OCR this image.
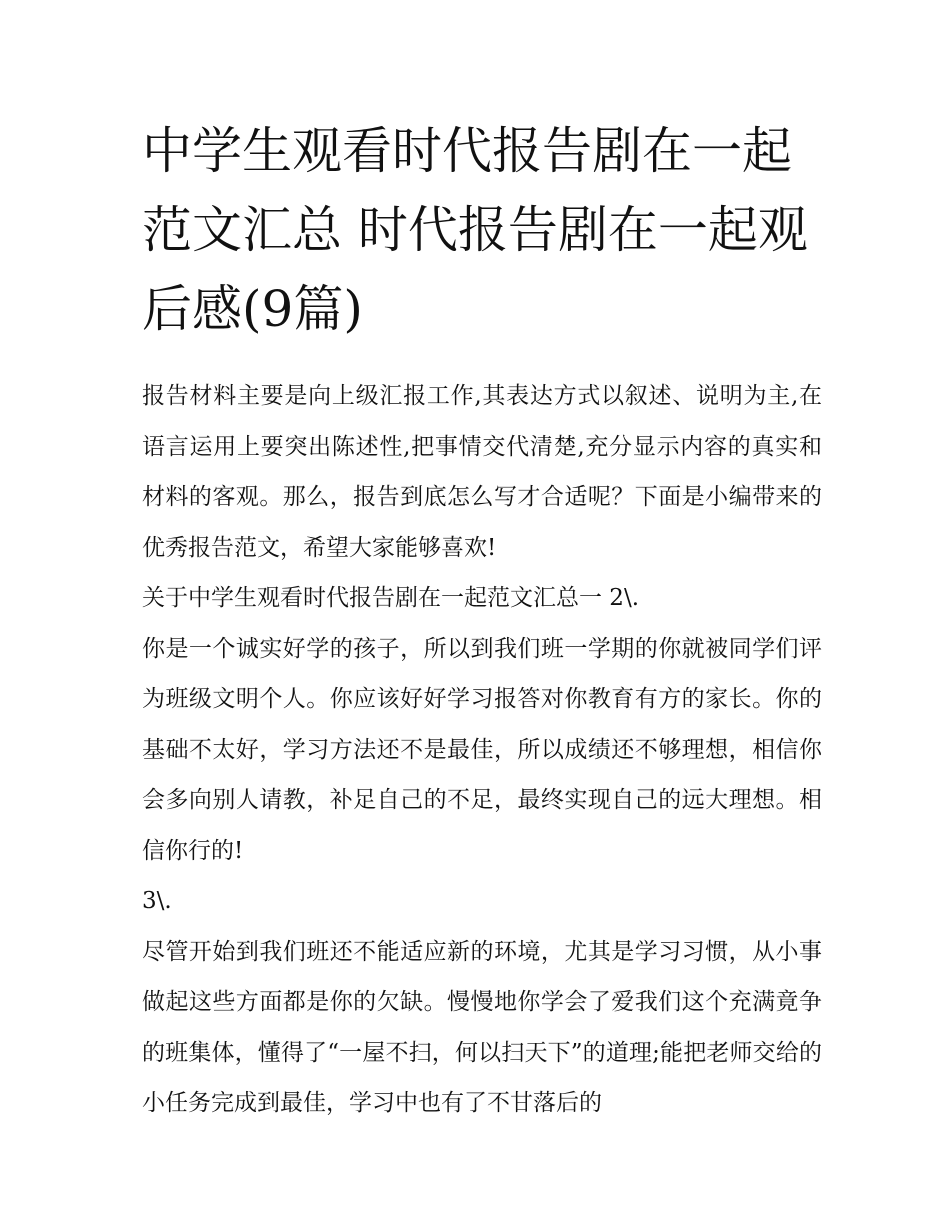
中学生观看时代报告剧在一起范文汇总 时代报告剧在一起观后感(9篇)

报告材料主要是向上级汇报工作,其表达方式以叙述、说明为主,在语言运用上要突出陈述性,把事情交代清楚,充分显示内容的真实和材料的客观。那么，报告到底怎么写才合适呢？下面是小编带来的优秀报告范文，希望大家能够喜欢!

关于中学生观看时代报告剧在一起范文汇总一 2\.

你是一个诚实好学的孩子，所以到我们班一学期的你就被同学们评为班级文明个人。你应该好好学习报答对你教育有方的家长。你的基础不太好，学习方法还不是最佳，所以成绩还不够理想，相信你会多向别人请教，补足自己的不足，最终实现自己的远大理想。相信你行的!

3\.

尽管开始到我们班还不能适应新的环境，尤其是学习习惯，从小事做起这些方面都是你的欠缺。慢慢地你学会了爱我们这个充满竟争的班集体，懂得了“一屋不扫，何以扫天下”的道理;能把老师交给的小任务完成到最佳，学习中也有了不甘落后的
